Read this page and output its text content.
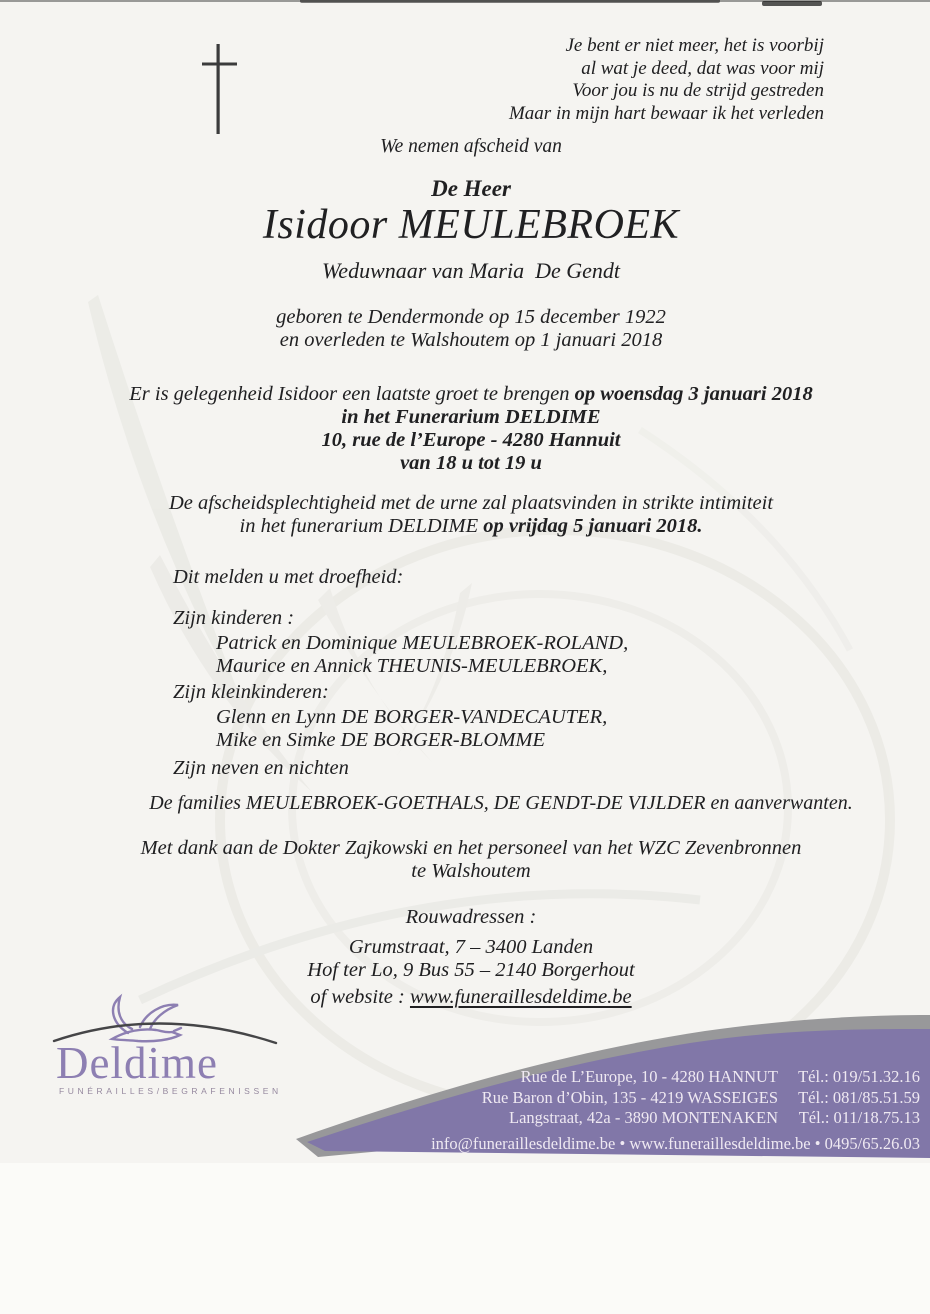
Je bent er niet meer, het is voorbij
al wat je deed, dat was voor mij
Voor jou is nu de strijd gestreden
Maar in mijn hart bewaar ik het verleden
We nemen afscheid van
De Heer
Isidoor MEULEBROEK
Weduwnaar van Maria  De Gendt
geboren te Dendermonde op 15 december 1922
en overleden te Walshoutem op 1 januari 2018
Er is gelegenheid Isidoor een laatste groet te brengen op woensdag 3 januari 2018
in het Funerarium DELDIME
10, rue de l’Europe - 4280 Hannuit
van 18 u tot 19 u
De afscheidsplechtigheid met de urne zal plaatsvinden in strikte intimiteit
in het funerarium DELDIME op vrijdag 5 januari 2018.
Dit melden u met droefheid:
Zijn kinderen :
Patrick en Dominique MEULEBROEK-ROLAND,
Maurice en Annick THEUNIS-MEULEBROEK,
Zijn kleinkinderen:
Glenn en Lynn DE BORGER-VANDECAUTER,
Mike en Simke DE BORGER-BLOMME
Zijn neven en nichten
De families MEULEBROEK-GOETHALS, DE GENDT-DE VIJLDER en aanverwanten.
Met dank aan de Dokter Zajkowski en het personeel van het WZC Zevenbronnen
te Walshoutem
Rouwadressen :
Grumstraat, 7 – 3400 Landen
Hof ter Lo, 9 Bus 55 – 2140 Borgerhout
of website : www.funeraillesdeldime.be
Deldime
FUNÉRAILLES/BEGRAFENISSEN
Rue de L’Europe, 10 - 4280 HANNUT Tél.: 019/51.32.16
Rue Baron d’Obin, 135 - 4219 WASSEIGES Tél.: 081/85.51.59
Langstraat, 42a - 3890 MONTENAKEN Tél.: 011/18.75.13
info@funeraillesdeldime.be • www.funeraillesdeldime.be • 0495/65.26.03
